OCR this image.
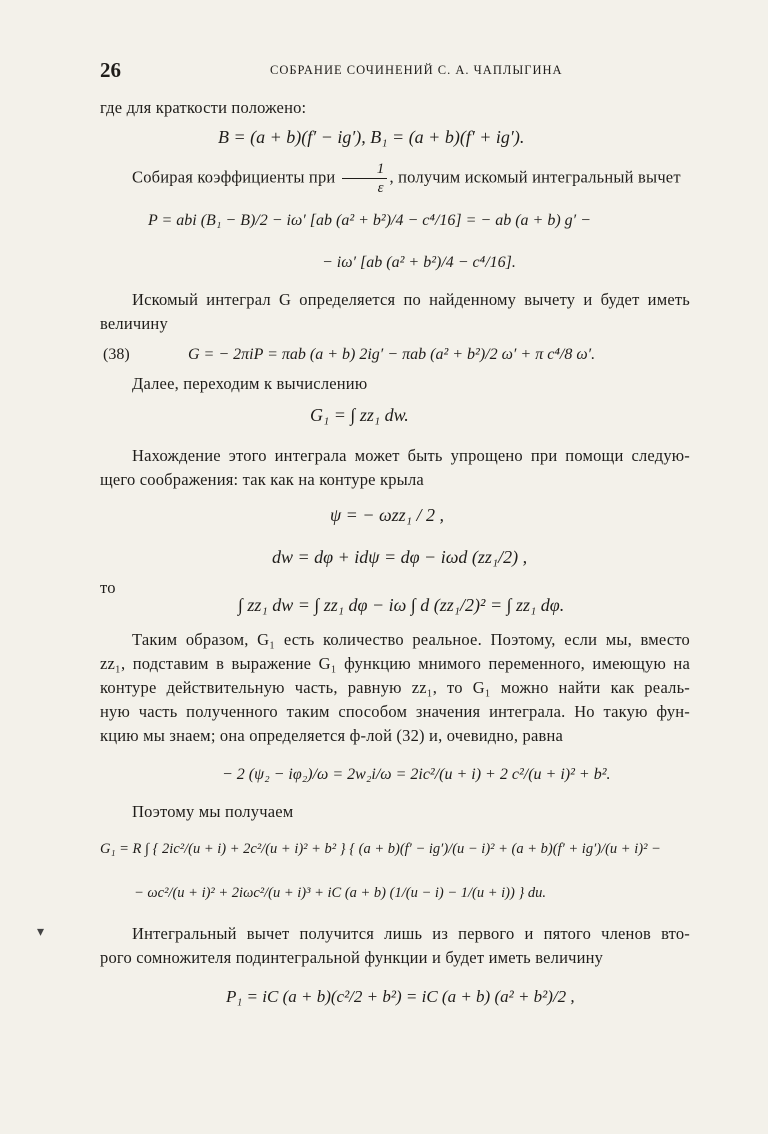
26	СОБРАНИЕ СОЧИНЕНИЙ С. А. ЧАПЛЫГИНА
где для краткости положено:
B = (a + b)(f′ − ig′), B₁ = (a + b)(f′ + ig′).
Собирая коэффициенты при $\frac{1}{\varepsilon}$ , получим искомый интегральный вычет
P = abi (B₁ − B)/2 − iω′ [ab (a² + b²)/4 − c⁴/16] = − ab (a + b) g′ −
− iω′ [ab (a² + b²)/4 − c⁴/16].
Искомый интеграл G определяется по найденному вычету и будет иметь величину
(38)	G = − 2πiP = πab (a + b) 2ig′ − πab (a² + b²)/2 ω′ + π c⁴/8 ω′.
Далее, переходим к вычислению
G₁ = ∫ zz₁ dw.
Нахождение этого интеграла может быть упрощено при помощи следую-
щего соображения: так как на контуре крыла
ψ = − ωzz₁ / 2 ,
dw = dφ + idψ = dφ − iωd (zz₁/2) ,
то
∫ zz₁ dw = ∫ zz₁ dφ − iω ∫ d (zz₁/2)² = ∫ zz₁ dφ.
Таким образом, G₁ есть количество реальное. Поэтому, если мы, вместо
zz₁, подставим в выражение G₁ функцию мнимого переменного, имеющую на
контуре действительную часть, равную zz₁, то G₁ можно найти как реаль-
ную часть полученного таким способом значения интеграла. Но такую фун-
кцию мы знаем; она определяется ф-лой (32) и, очевидно, равна
− 2 (ψ₂ − iφ₂)/ω = 2w₂i/ω = 2ic²/(u + i) + 2 c²/(u + i)² + b².
Поэтому мы получаем
G₁ = R ∫ { 2ic²/(u + i) + 2c²/(u + i)² + b² } { (a + b)(f′ − ig′)/(u − i)² + (a + b)(f′ + ig′)/(u + i)² −
− ωc²/(u + i)² + 2iωc²/(u + i)³ + iC (a + b) (1/(u − i) − 1/(u + i)) } du.
Интегральный вычет получится лишь из первого и пятого членов вто-
рого сомножителя подинтегральной функции и будет иметь величину
P₁ = iC (a + b)(c²/2 + b²) = iC (a + b) (a² + b²)/2 ,
▾
